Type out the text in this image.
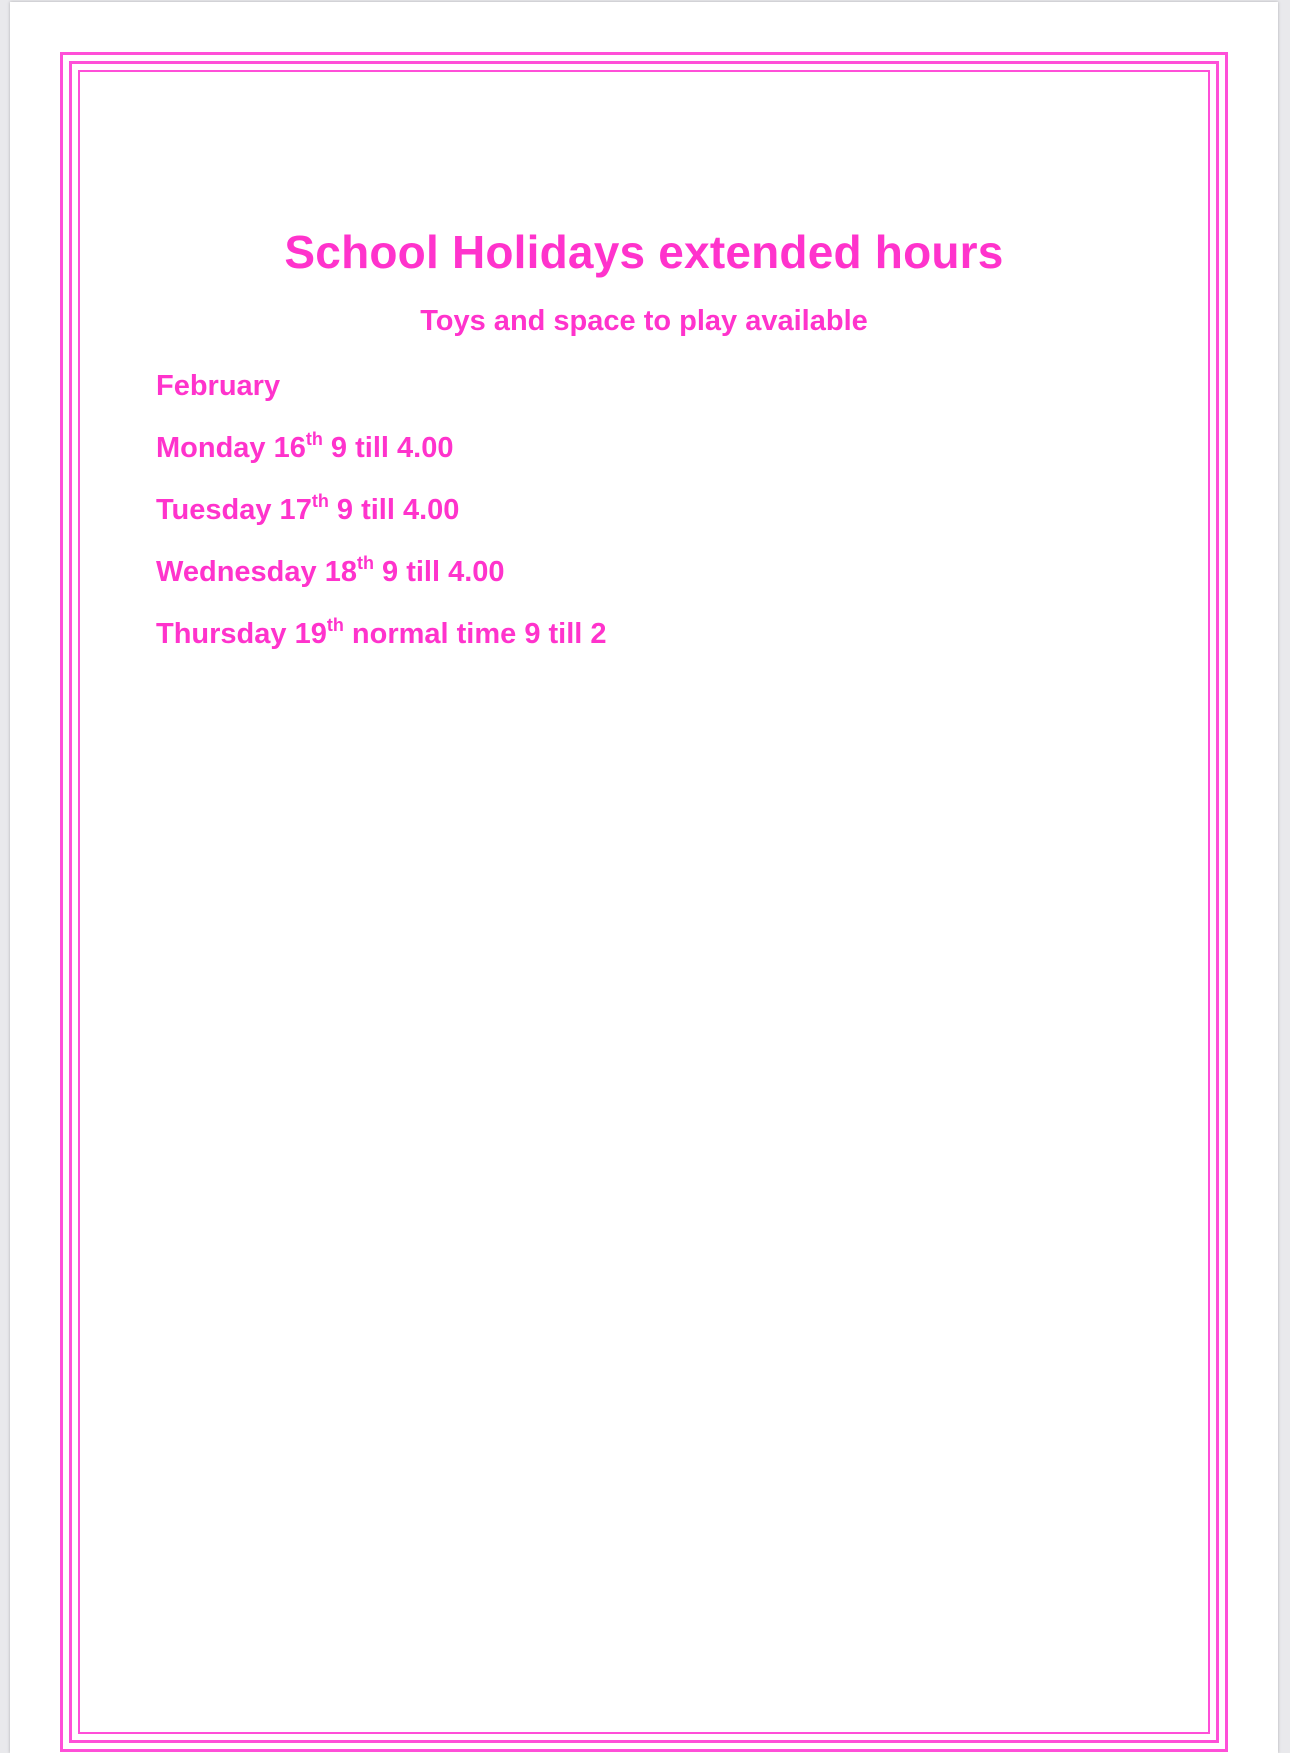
School Holidays extended hours
Toys and space to play available
February
Monday 16th 9 till 4.00
Tuesday 17th 9 till 4.00
Wednesday 18th 9 till 4.00
Thursday 19th normal time 9 till 2
